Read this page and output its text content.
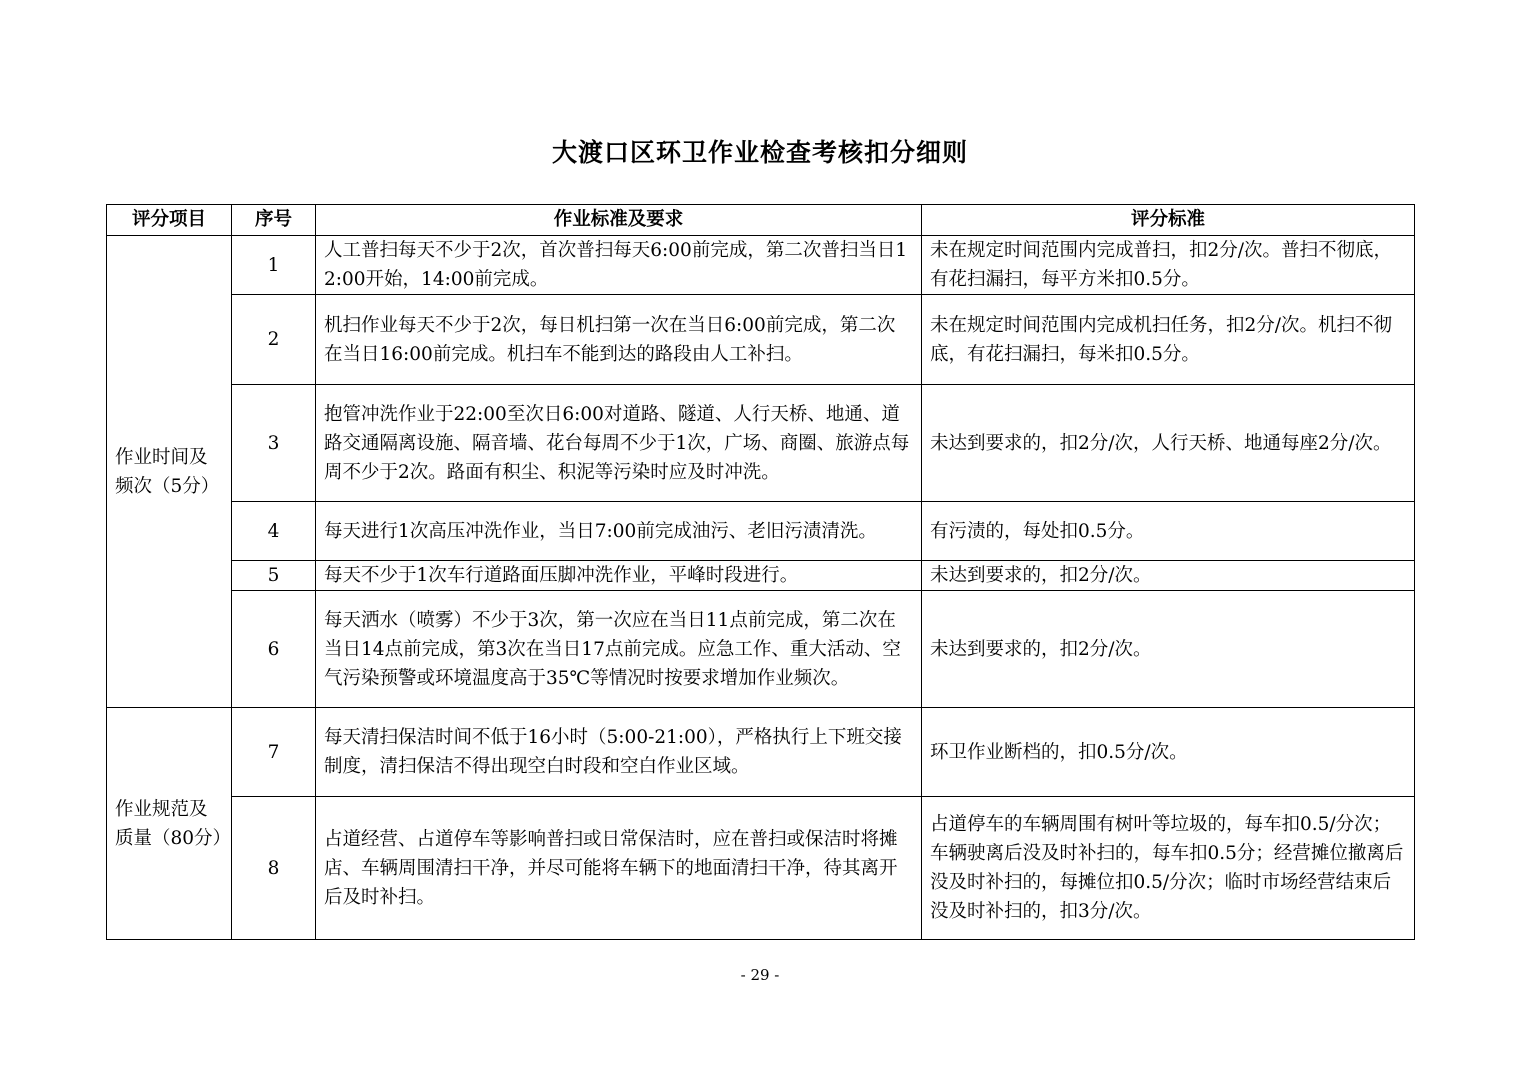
大渡口区环卫作业检查考核扣分细则
评分项目	序号	作业标准及要求	评分标准
作业时间及频次（5分）	1	人工普扫每天不少于2次，首次普扫每天6:00前完成，第二次普扫当日12:00开始，14:00前完成。	未在规定时间范围内完成普扫，扣2分/次。普扫不彻底，有花扫漏扫，每平方米扣0.5分。
	2	机扫作业每天不少于2次，每日机扫第一次在当日6:00前完成，第二次在当日16:00前完成。机扫车不能到达的路段由人工补扫。	未在规定时间范围内完成机扫任务，扣2分/次。机扫不彻底，有花扫漏扫，每米扣0.5分。
	3	抱管冲洗作业于22:00至次日6:00对道路、隧道、人行天桥、地通、道路交通隔离设施、隔音墙、花台每周不少于1次，广场、商圈、旅游点每周不少于2次。路面有积尘、积泥等污染时应及时冲洗。	未达到要求的，扣2分/次，人行天桥、地通每座2分/次。
	4	每天进行1次高压冲洗作业，当日7:00前完成油污、老旧污渍清洗。	有污渍的，每处扣0.5分。
	5	每天不少于1次车行道路面压脚冲洗作业，平峰时段进行。	未达到要求的，扣2分/次。
	6	每天洒水（喷雾）不少于3次，第一次应在当日11点前完成，第二次在当日14点前完成，第3次在当日17点前完成。应急工作、重大活动、空气污染预警或环境温度高于35℃等情况时按要求增加作业频次。	未达到要求的，扣2分/次。
作业规范及质量（80分）	7	每天清扫保洁时间不低于16小时（5:00-21:00），严格执行上下班交接制度，清扫保洁不得出现空白时段和空白作业区域。	环卫作业断档的，扣0.5分/次。
	8	占道经营、占道停车等影响普扫或日常保洁时，应在普扫或保洁时将摊店、车辆周围清扫干净，并尽可能将车辆下的地面清扫干净，待其离开后及时补扫。	占道停车的车辆周围有树叶等垃圾的，每车扣0.5/分次；车辆驶离后没及时补扫的，每车扣0.5分；经营摊位撤离后没及时补扫的，每摊位扣0.5/分次；临时市场经营结束后没及时补扫的，扣3分/次。
- 29 -
